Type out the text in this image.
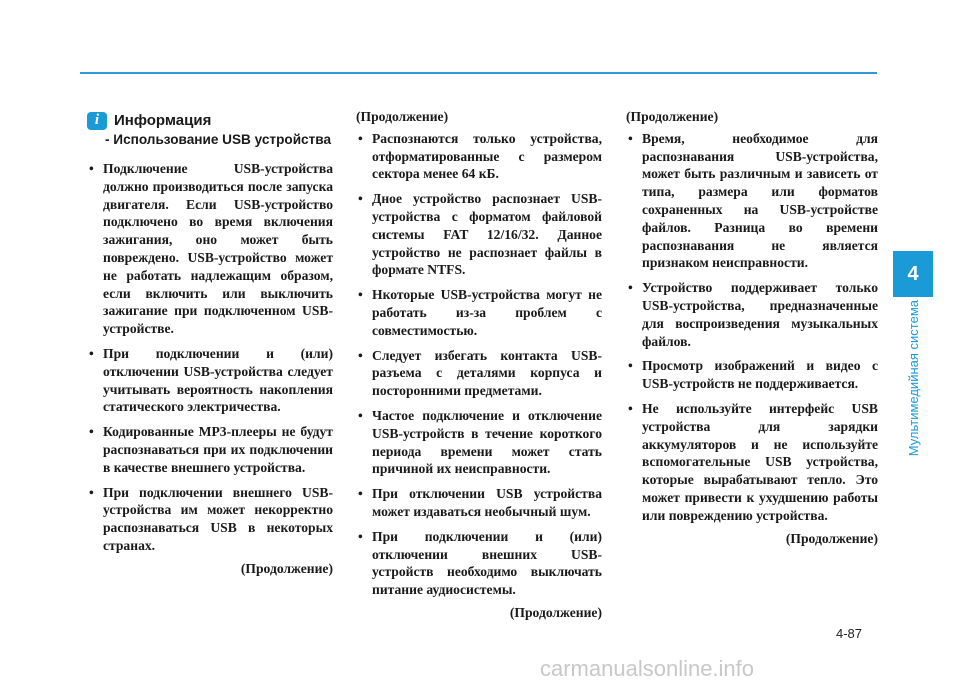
4
Мультимедийная система
i Информация
- Использование USB устройства
• Подключение USB-устройства должно производиться после запуска двигателя. Если USB-устройство подключено во время включения зажигания, оно может быть повреждено. USB-устройство может не работать надлежащим образом, если включить или выключить зажигание при подключенном USB-устройстве.
• При подключении и (или) отключении USB-устройства следует учитывать вероятность накопления статического электричества.
• Кодированные MP3-плееры не будут распознаваться при их подключении в качестве внешнего устройства.
• При подключении внешнего USB-устройства им может некорректно распознаваться USB в некоторых странах.
(Продолжение)
(Продолжение)
• Распознаются только устройства, отформатированные с размером сектора менее 64 кБ.
• Дное устройство распознает USB-устройства с форматом файловой системы FAT 12/16/32. Данное устройство не распознает файлы в формате NTFS.
• Нкоторые USB-устройства могут не работать из-за проблем с совместимостью.
• Следует избегать контакта USB-разъема с деталями корпуса и посторонними предметами.
• Частое подключение и отключение USB-устройств в течение короткого периода времени может стать причиной их неисправности.
• При отключении USB устройства может издаваться необычный шум.
• При подключении и (или) отключении внешних USB-устройств необходимо выключать питание аудиосистемы.
(Продолжение)
(Продолжение)
• Время, необходимое для распознавания USB-устройства, может быть различным и зависеть от типа, размера или форматов сохраненных на USB-устройстве файлов. Разница во времени распознавания не является признаком неисправности.
• Устройство поддерживает только USB-устройства, предназначенные для воспроизведения музыкальных файлов.
• Просмотр изображений и видео с USB-устройств не поддерживается.
• Не используйте интерфейс USB устройства для зарядки аккумуляторов и не используйте вспомогательные USB устройства, которые вырабатывают тепло. Это может привести к ухудшению работы или повреждению устройства.
(Продолжение)
4-87
carmanualsonline.info
